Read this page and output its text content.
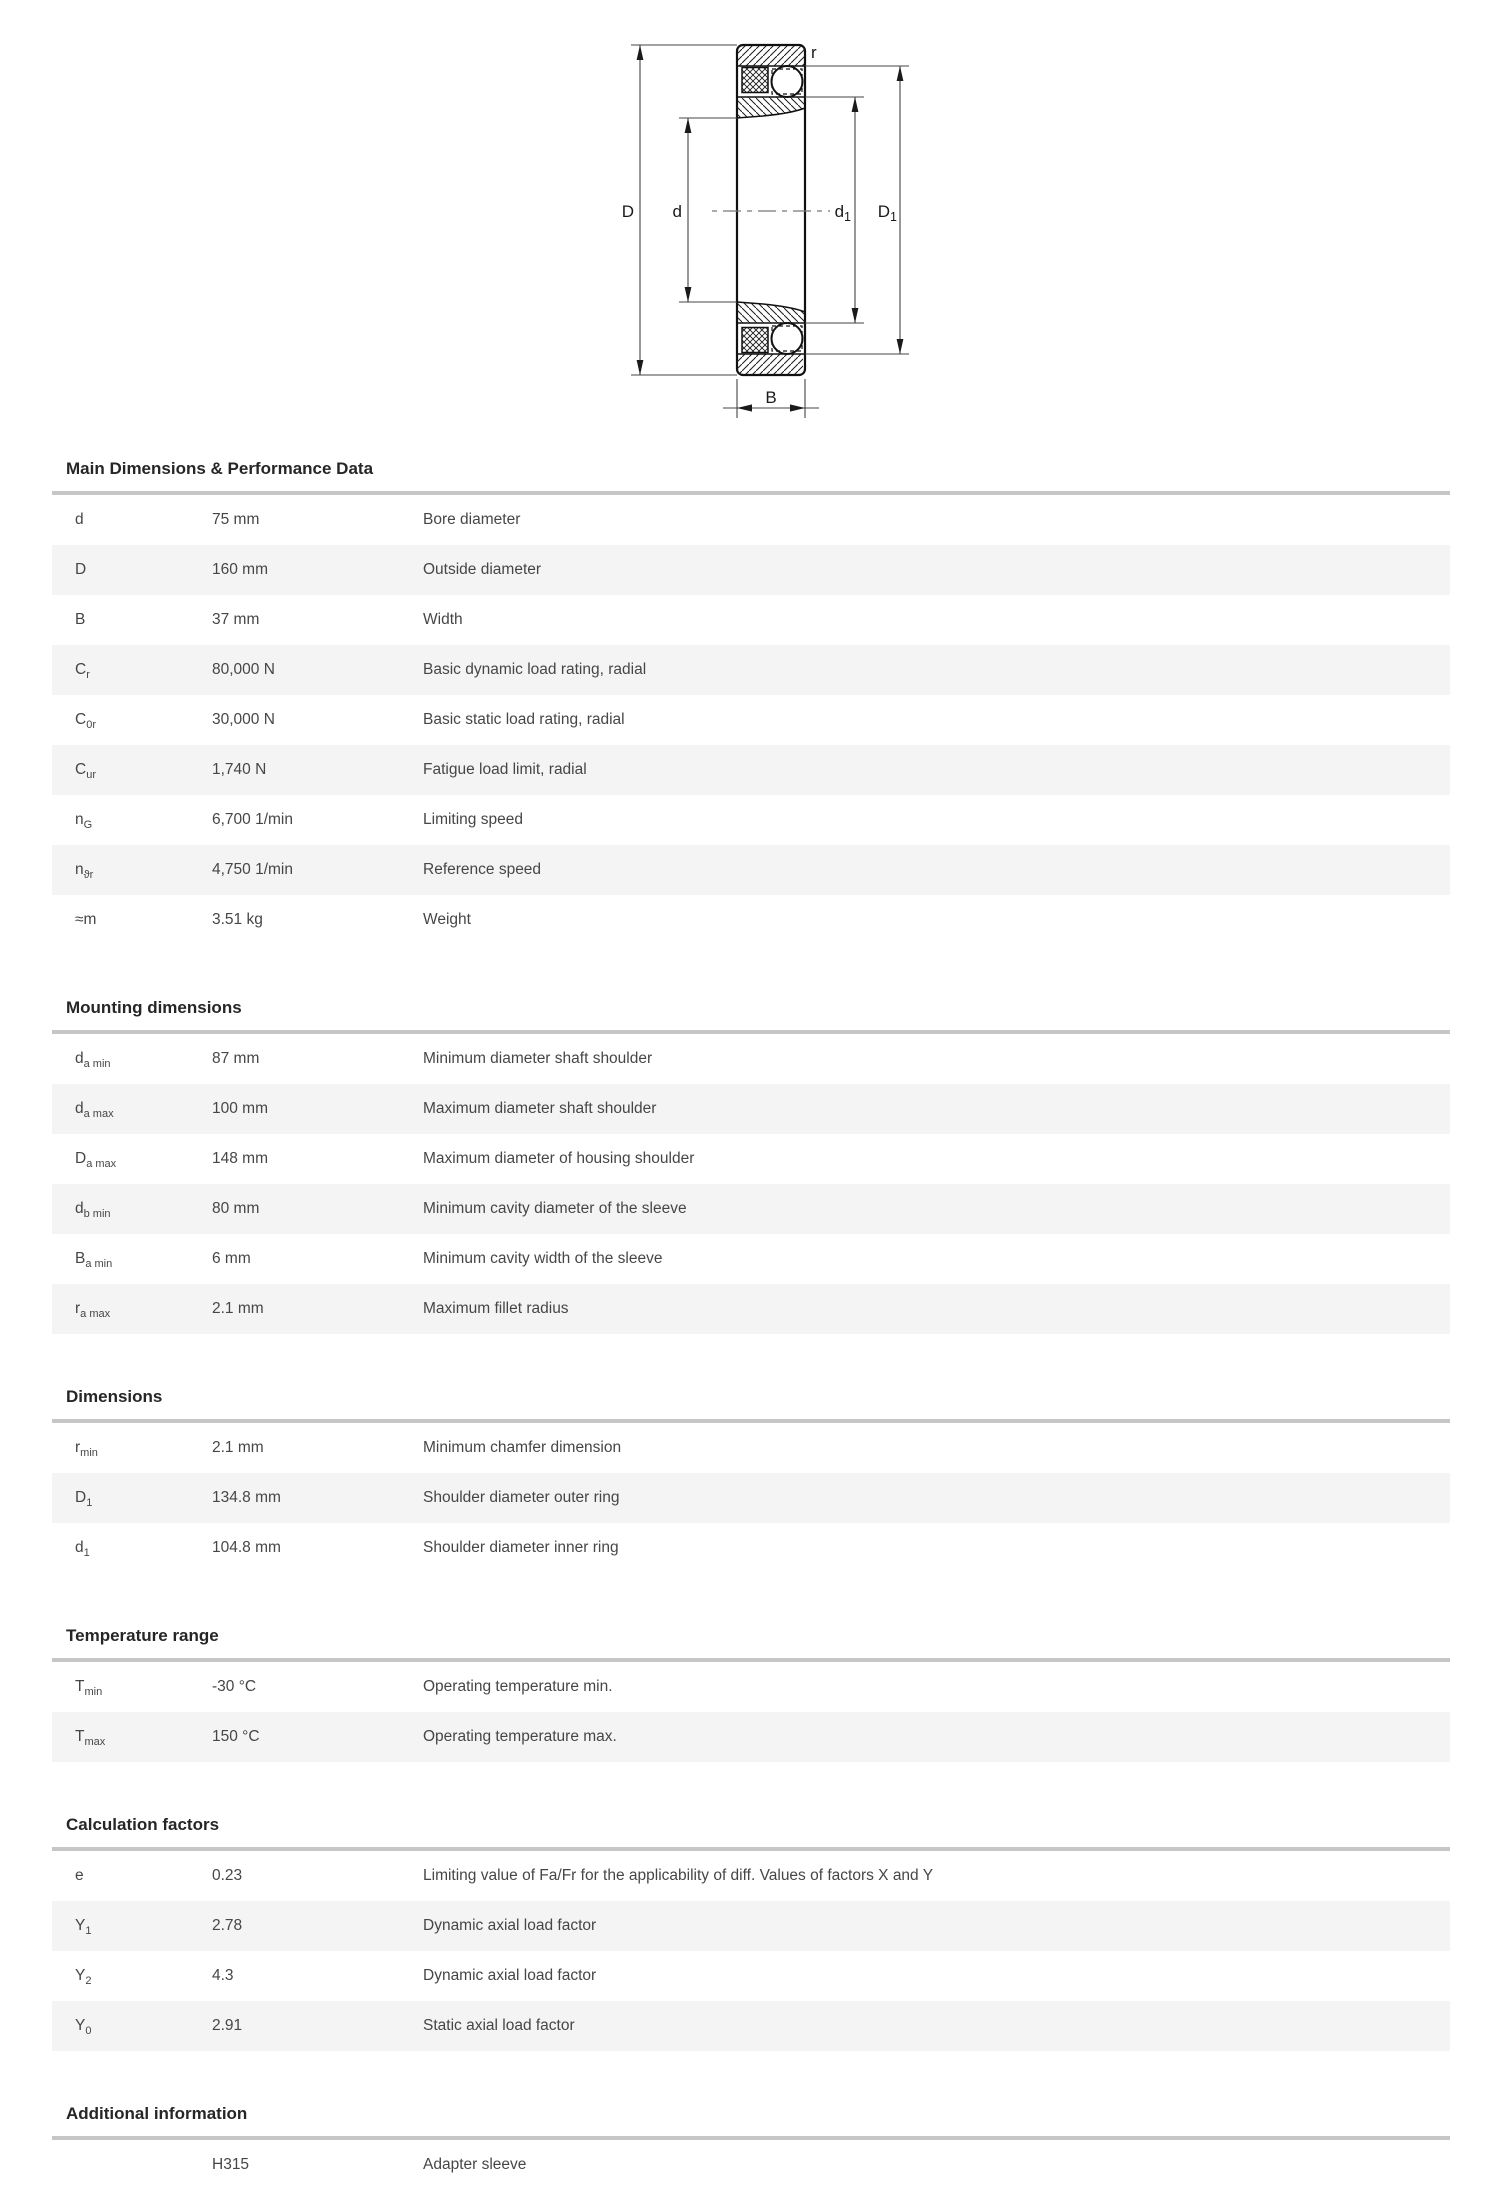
D d	$d_1$ $D_1$
B
r
Main Dimensions & Performance Data
d	75 mm	Bore diameter
D	160 mm	Outside diameter
B	37 mm	Width
$C_r$	80,000 N	Basic dynamic load rating, radial
$C_{0r}$	30,000 N	Basic static load rating, radial
$C_{ur}$	1,740 N	Fatigue load limit, radial
$n_G$	6,700 1/min	Limiting speed
$n_{ϑr}$	4,750 1/min	Reference speed
≈m	3.51 kg	Weight
Mounting dimensions
$d_{a min}$	87 mm	Minimum diameter shaft shoulder
$d_{a max}$	100 mm	Maximum diameter shaft shoulder
$D_{a max}$	148 mm	Maximum diameter of housing shoulder
$d_{b min}$	80 mm	Minimum cavity diameter of the sleeve
$B_{a min}$	6 mm	Minimum cavity width of the sleeve
$r_{a max}$	2.1 mm	Maximum fillet radius
Dimensions
$r_{min}$	2.1 mm	Minimum chamfer dimension
$D_1$	134.8 mm	Shoulder diameter outer ring
$d_1$	104.8 mm	Shoulder diameter inner ring
Temperature range
$T_{min}$	-30 °C	Operating temperature min.
$T_{max}$	150 °C	Operating temperature max.
Calculation factors
e	0.23	Limiting value of Fa/Fr for the applicability of diff. Values of factors X and Y
$Y_1$	2.78	Dynamic axial load factor
$Y_2$	4.3	Dynamic axial load factor
$Y_0$	2.91	Static axial load factor
Additional information
H315	Adapter sleeve
